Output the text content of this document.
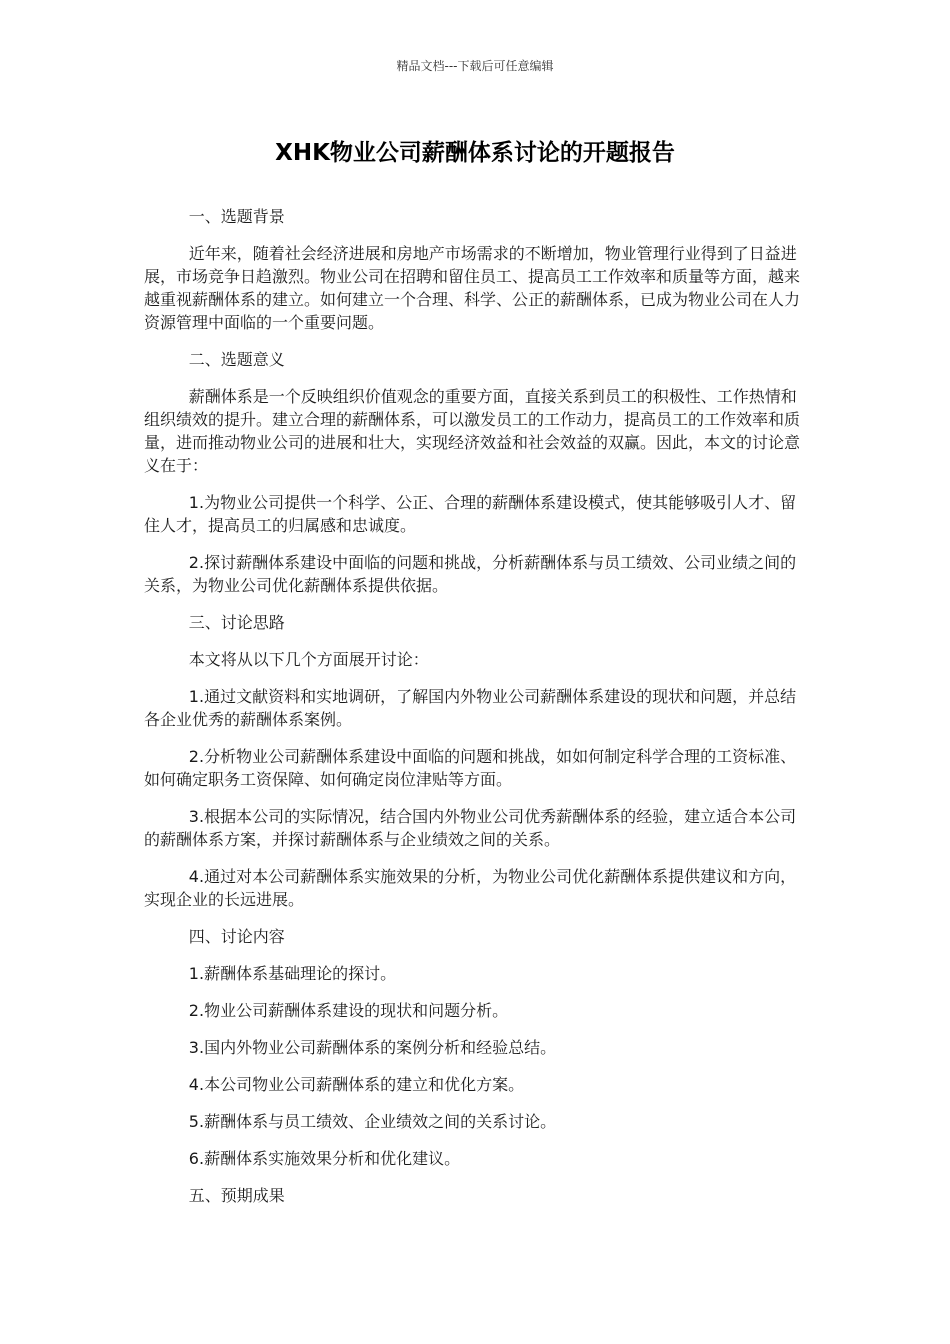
精品文档---下载后可任意编辑
XHK物业公司薪酬体系讨论的开题报告

一、选题背景

近年来，随着社会经济进展和房地产市场需求的不断增加，物业管理行业得到了日益进展，市场竞争日趋激烈。物业公司在招聘和留住员工、提高员工工作效率和质量等方面，越来越重视薪酬体系的建立。如何建立一个合理、科学、公正的薪酬体系，已成为物业公司在人力资源管理中面临的一个重要问题。

二、选题意义

薪酬体系是一个反映组织价值观念的重要方面，直接关系到员工的积极性、工作热情和组织绩效的提升。建立合理的薪酬体系，可以激发员工的工作动力，提高员工的工作效率和质量，进而推动物业公司的进展和壮大，实现经济效益和社会效益的双赢。因此，本文的讨论意义在于：

1.为物业公司提供一个科学、公正、合理的薪酬体系建设模式，使其能够吸引人才、留住人才，提高员工的归属感和忠诚度。

2.探讨薪酬体系建设中面临的问题和挑战，分析薪酬体系与员工绩效、公司业绩之间的关系，为物业公司优化薪酬体系提供依据。

三、讨论思路

本文将从以下几个方面展开讨论：

1.通过文献资料和实地调研，了解国内外物业公司薪酬体系建设的现状和问题，并总结各企业优秀的薪酬体系案例。

2.分析物业公司薪酬体系建设中面临的问题和挑战，如如何制定科学合理的工资标准、如何确定职务工资保障、如何确定岗位津贴等方面。

3.根据本公司的实际情况，结合国内外物业公司优秀薪酬体系的经验，建立适合本公司的薪酬体系方案，并探讨薪酬体系与企业绩效之间的关系。

4.通过对本公司薪酬体系实施效果的分析，为物业公司优化薪酬体系提供建议和方向，实现企业的长远进展。

四、讨论内容

1.薪酬体系基础理论的探讨。

2.物业公司薪酬体系建设的现状和问题分析。

3.国内外物业公司薪酬体系的案例分析和经验总结。

4.本公司物业公司薪酬体系的建立和优化方案。

5.薪酬体系与员工绩效、企业绩效之间的关系讨论。

6.薪酬体系实施效果分析和优化建议。

五、预期成果
